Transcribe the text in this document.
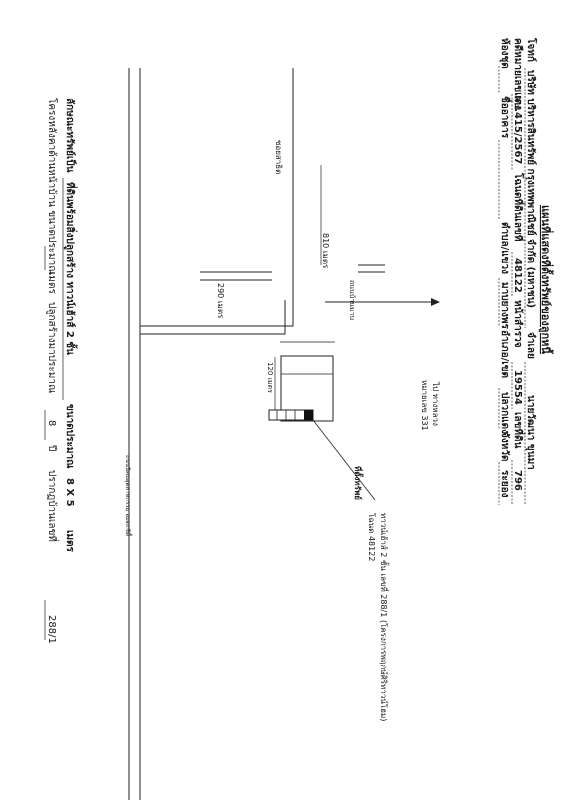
แผนที่แสดงที่ตั้งทรัพย์ของลูกหนี้
โจทก์
บริษัท บริหารสินทรัพย์ กรุงเทพพาณิชย์ จำกัด (มหาชน)
จำเลย
นายวัฒนา ขุนมา
คดีหมายเลขแดง
ผบ.415/2567
โฉนดที่ดินเลขที่
48122
หน้าสำรวจ
19554
เลขที่ดิน
796
ห้องชุด
ชื่ออาคาร
ตำบล/แขวง
มาบยางพร
อำเภอ/เขต
ปลวกแดง
จังหวัด
ระยอง
ซอยสาธิต
ถนนบ้านมาบ
ไป ทางหลวง
หมายเลข 331
810 เมตร
290 เมตร
120 เมตร
ที่ตั้งทรัพย์
โฉนด 48122 ทาวน์เฮ้าส์ 2 ชั้น เลขที่ 288/1 (โครงการพฤกษ์ศิริทาวน์โฮม)
ถนนนิคมอุตสาหกรรม อมตะซิตี้
ลักษณะทรัพย์เป็น
ที่ดินพร้อมสิ่งปลูกสร้าง ทาวน์เฮ้าส์ 2 ชั้น
ขนาดประมาณ
8 X 5
เมตร
โครงหลังคาด้านหน้าบ้าน ขนาดประมาณ
เมตร
ปลูกสร้างมาประมาณ
8
ปี
ปรากฏบ้านเลขที่
288/1
